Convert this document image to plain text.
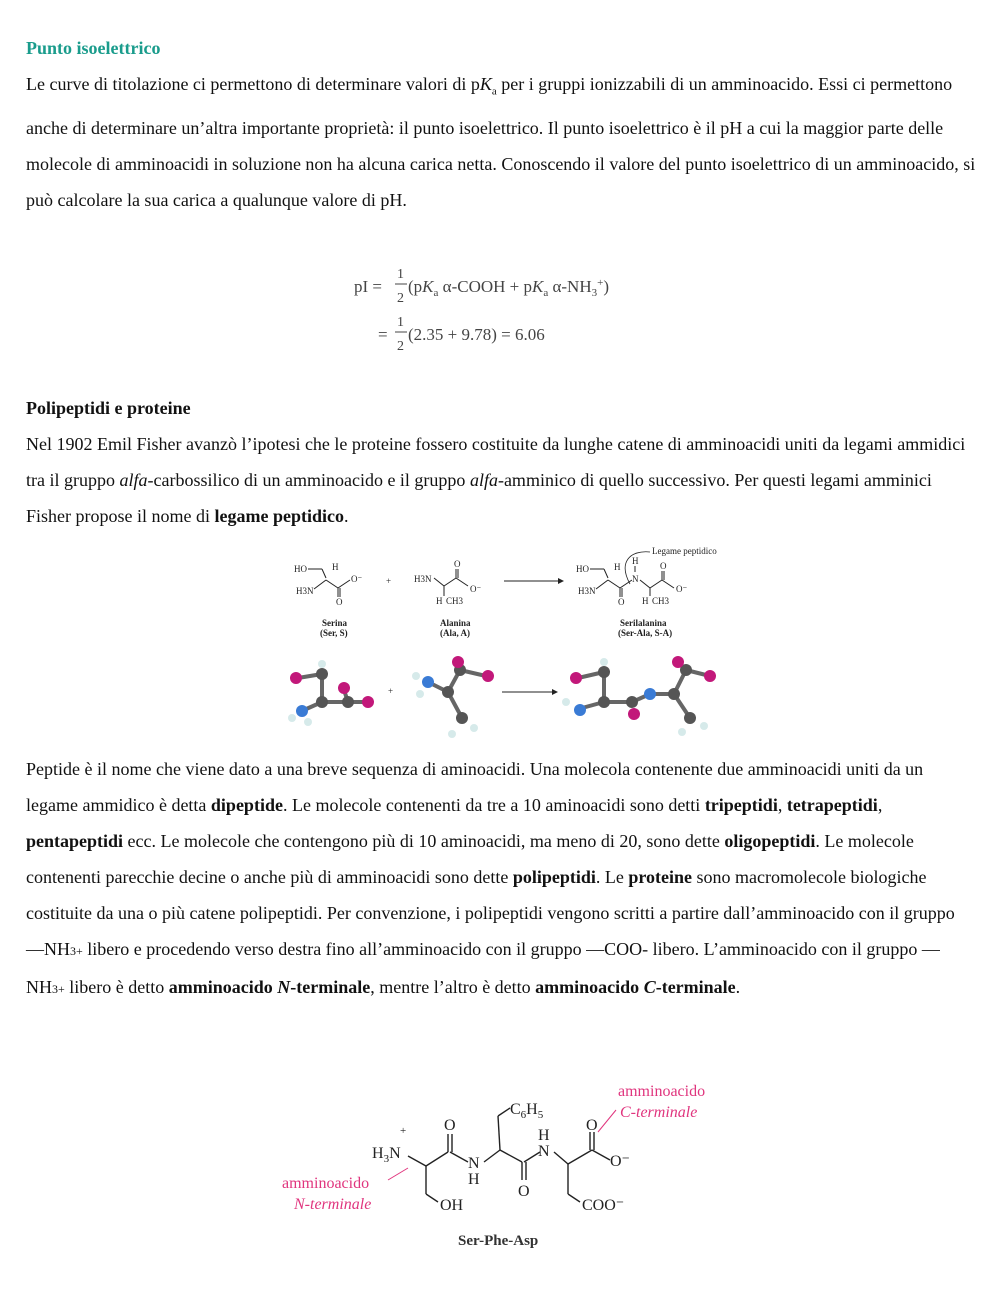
Punto isoelettrico

Le curve di titolazione ci permettono di determinare valori di $pK_a$ per i gruppi ionizzabili di un amminoacido. Essi ci permettono anche di determinare un’altra importante proprietà: il punto isoelettrico. Il punto isoelettrico è il pH a cui la maggior parte delle molecole di amminoacidi in soluzione non ha alcuna carica netta. Conoscendo il valore del punto isoelettrico di un amminoacido, si può calcolare la sua carica a qualunque valore di pH.

pI =
1
2
($pK_a$ α-COOH + $pK_a$ $\alpha-NH_3^+$)
=
1
2
(2.35 + 9.78) = 6.06
Polipeptidi e proteine

Nel 1902 Emil Fisher avanzò l’ipotesi che le proteine fossero costituite da lunghe catene di amminoacidi uniti da legami ammidici tra il gruppo alfa-carbossilico di un amminoacido e il gruppo alfa-amminico di quello successivo. Per questi legami amminici Fisher propose il nome di legame peptidico.

HO	H
H3N
O⁻
O
+	H3N
O
O⁻
H CH3
HO	H
H3N
O
N
H O
O⁻
H CH3
Legame peptidico
Serina
(Ser, S)
Alanina
(Ala, A)
Serilalanina
(Ser-Ala, S-A)
+

Peptide è il nome che viene dato a una breve sequenza di aminoacidi. Una molecola contenente due amminoacidi uniti da un legame ammidico è detta dipeptide. Le molecole contenenti da tre a 10 aminoacidi sono detti tripeptidi, tetrapeptidi, pentapeptidi ecc. Le molecole che contengono più di 10 aminoacidi, ma meno di 20, sono dette oligopeptidi. Le molecole contenenti parecchie decine o anche più di amminoacidi sono dette polipeptidi. Le proteine sono macromolecole biologiche costituite da una o più catene polipeptidi. Per convenzione, i polipeptidi vengono scritti a partire dall’amminoacido con il gruppo —NH3+ libero e procedendo verso destra fino all’amminoacido con il gruppo —COO- libero. L’amminoacido con il gruppo —NH3+ libero è detto amminoacido N-terminale, mentre l’altro è detto amminoacido C-terminale.

amminoacido
C-terminale
$C_6H_5$
+
$H_3N$
O
N
H
O
H
N
O
O⁻
OH	COO⁻
amminoacido
N-terminale
Ser-Phe-Asp
